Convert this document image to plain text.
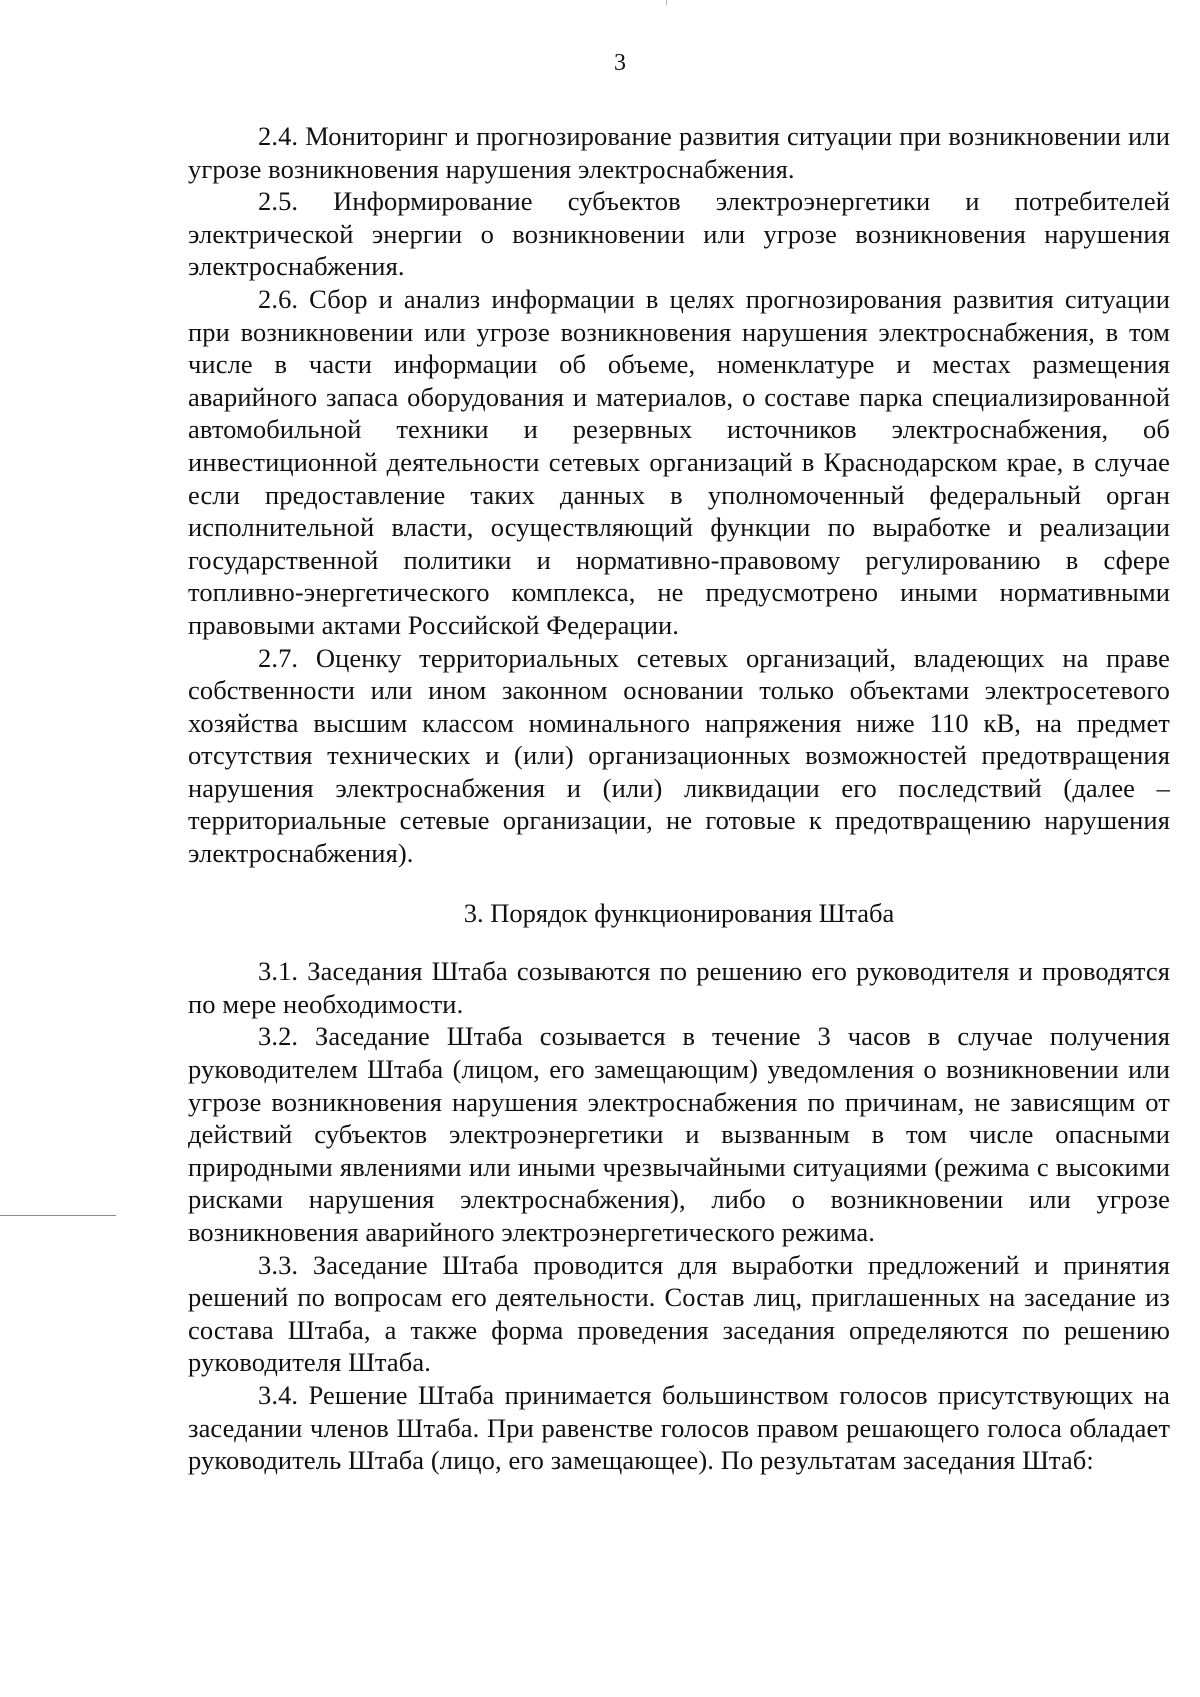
3

2.4. Мониторинг и прогнозирование развития ситуации при возникновении или угрозе возникновения нарушения электроснабжения.

2.5. Информирование субъектов электроэнергетики и потребителей электрической энергии о возникновении или угрозе возникновения нарушения электроснабжения.

2.6. Сбор и анализ информации в целях прогнозирования развития ситуации при возникновении или угрозе возникновения нарушения электроснабжения, в том числе в части информации об объеме, номенклатуре и местах размещения аварийного запаса оборудования и материалов, о составе парка специализированной автомобильной техники и резервных источников электроснабжения, об инвестиционной деятельности сетевых организаций в Краснодарском крае, в случае если предоставление таких данных в уполномоченный федеральный орган исполнительной власти, осуществляющий функции по выработке и реализации государственной политики и нормативно-правовому регулированию в сфере топливно-энергетического комплекса, не предусмотрено иными нормативными правовыми актами Российской Федерации.

2.7. Оценку территориальных сетевых организаций, владеющих на праве собственности или ином законном основании только объектами электросетевого хозяйства высшим классом номинального напряжения ниже 110 кВ, на предмет отсутствия технических и (или) организационных возможностей предотвращения нарушения электроснабжения и (или) ликвидации его последствий (далее – территориальные сетевые организации, не готовые к предотвращению нарушения электроснабжения).

3. Порядок функционирования Штаба

3.1. Заседания Штаба созываются по решению его руководителя и проводятся по мере необходимости.

3.2. Заседание Штаба созывается в течение 3 часов в случае получения руководителем Штаба (лицом, его замещающим) уведомления о возникновении или угрозе возникновения нарушения электроснабжения по причинам, не зависящим от действий субъектов электроэнергетики и вызванным в том числе опасными природными явлениями или иными чрезвычайными ситуациями (режима с высокими рисками нарушения электроснабжения), либо о возникновении или угрозе возникновения аварийного электроэнергетического режима.

3.3. Заседание Штаба проводится для выработки предложений и принятия решений по вопросам его деятельности. Состав лиц, приглашенных на заседание из состава Штаба, а также форма проведения заседания определяются по решению руководителя Штаба.

3.4. Решение Штаба принимается большинством голосов присутствующих на заседании членов Штаба. При равенстве голосов правом решающего голоса обладает руководитель Штаба (лицо, его замещающее). По результатам заседания Штаб:
